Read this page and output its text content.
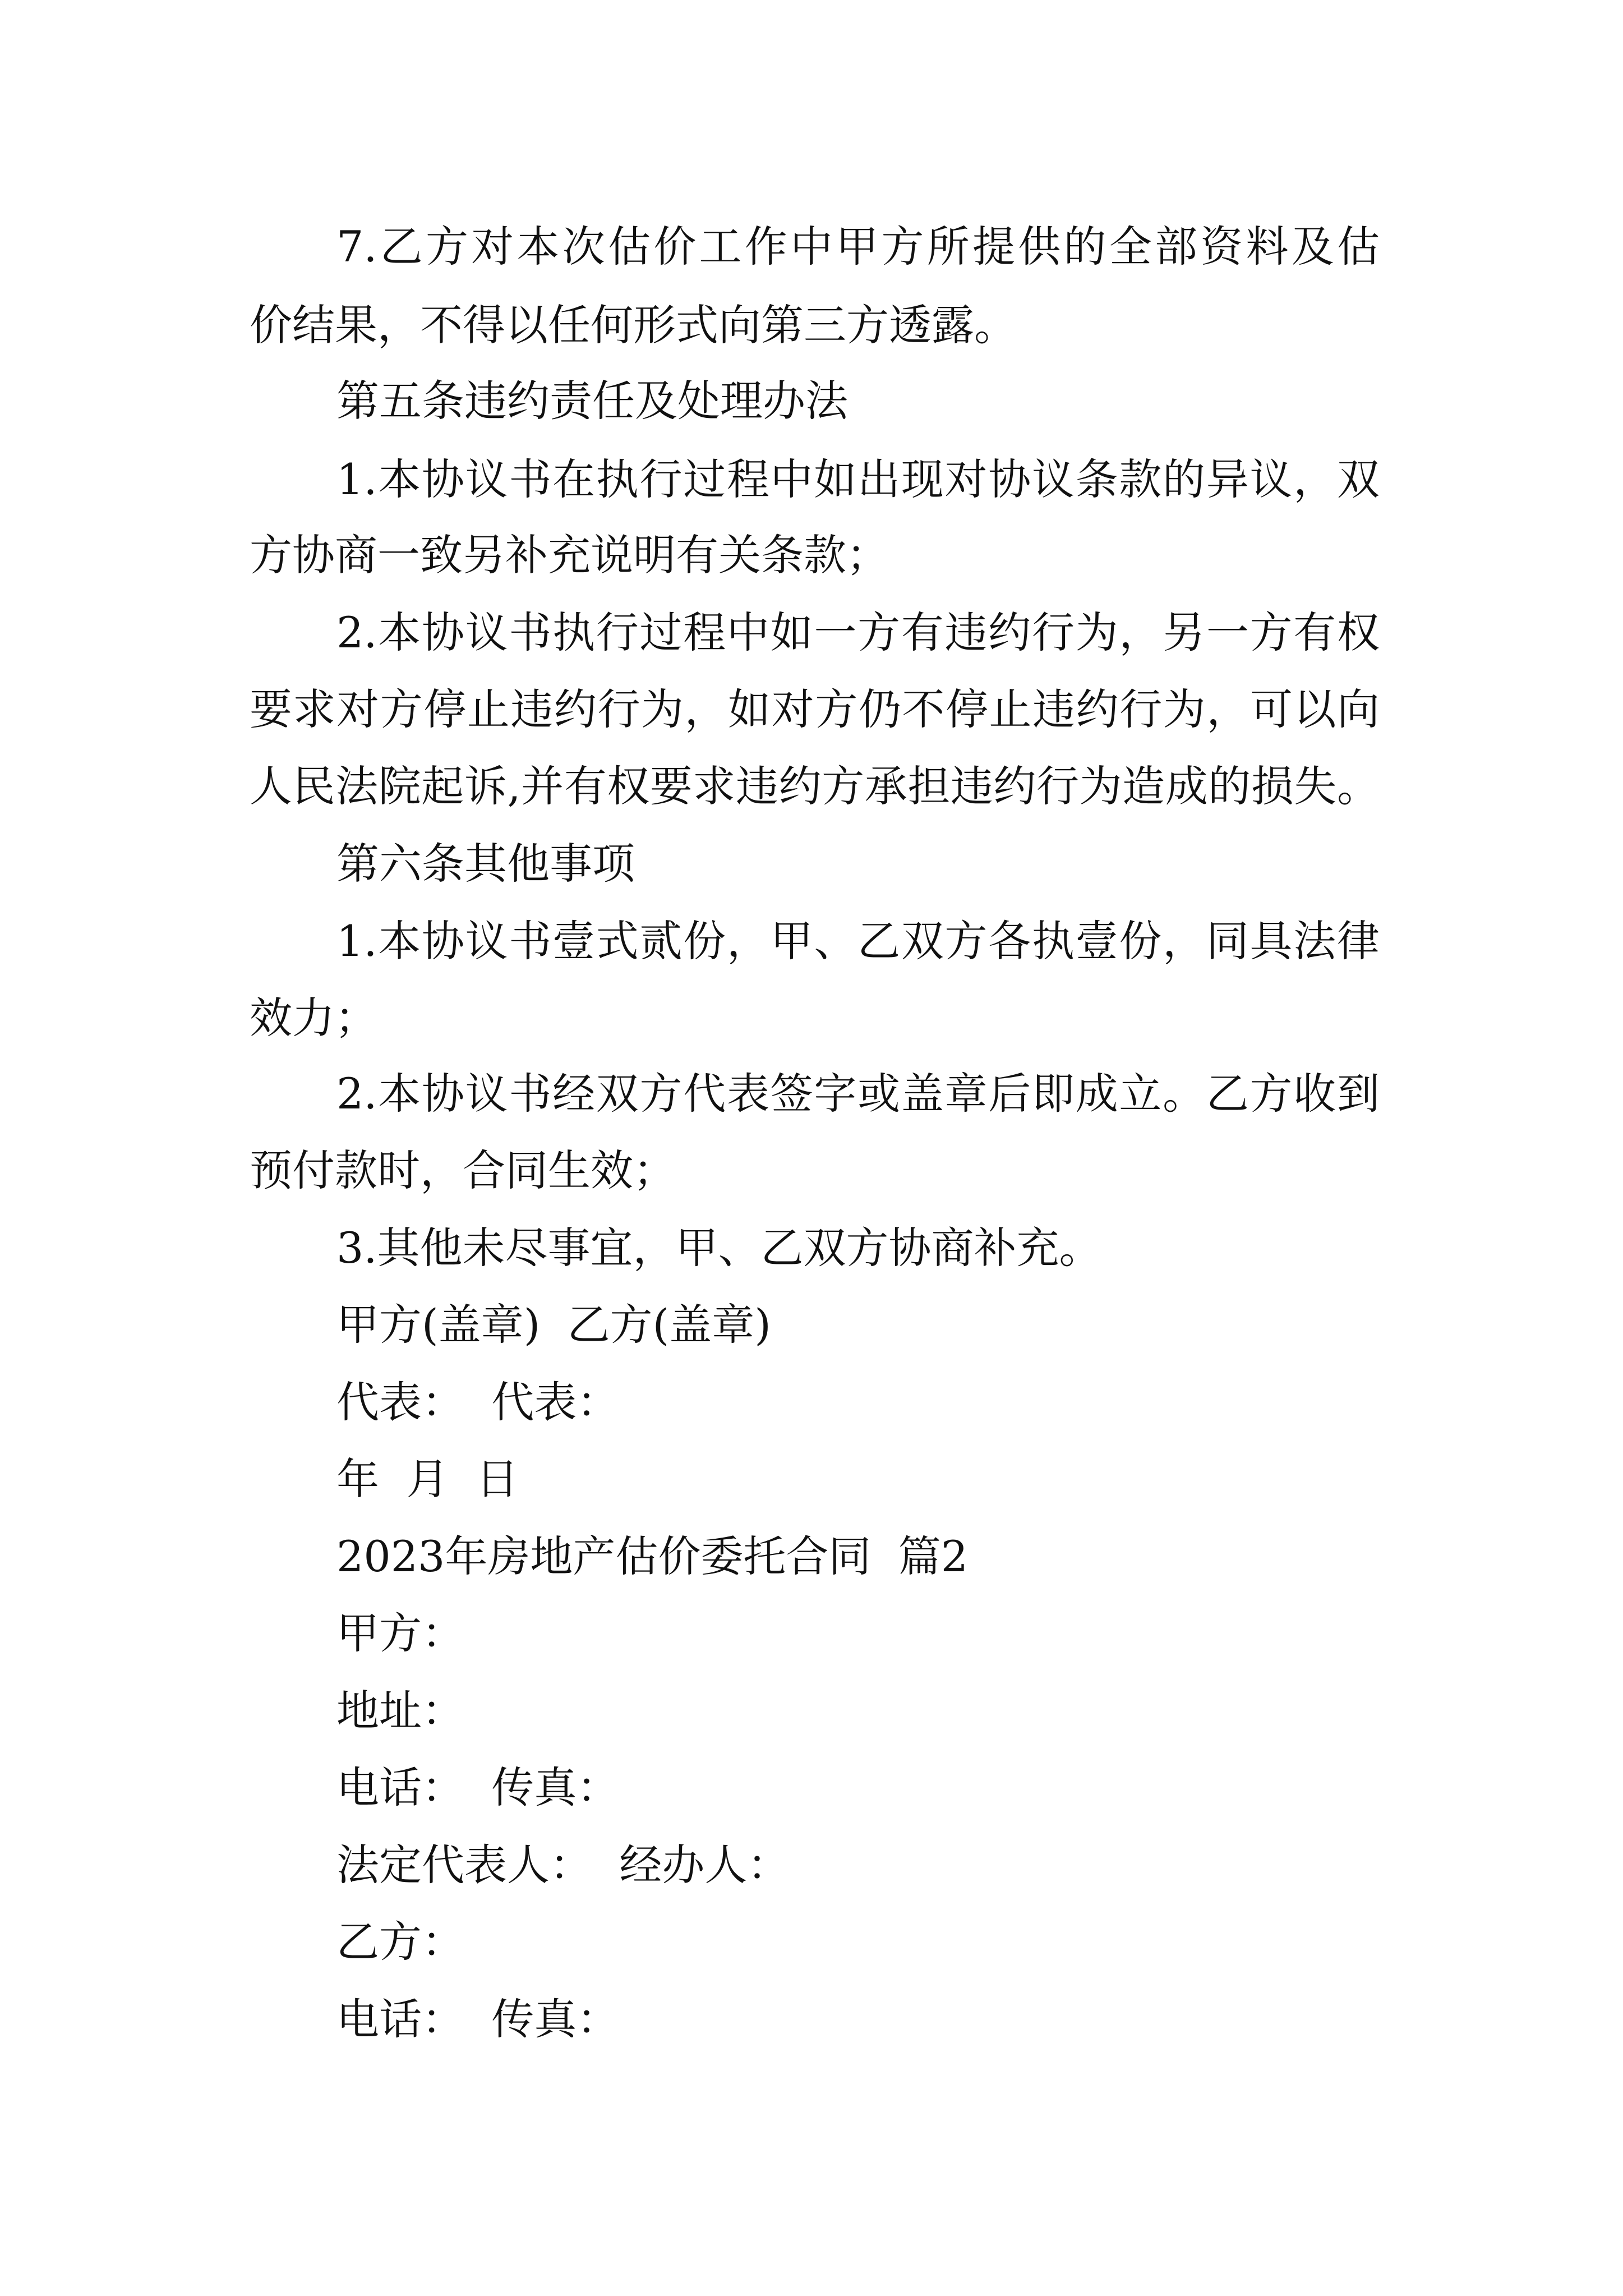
7.乙方对本次估价工作中甲方所提供的全部资料及估
价结果，不得以任何形式向第三方透露。
第五条违约责任及处理办法
1.本协议书在执行过程中如出现对协议条款的异议，双
方协商一致另补充说明有关条款；
2.本协议书执行过程中如一方有违约行为，另一方有权
要求对方停止违约行为，如对方仍不停止违约行为，可以向
人民法院起诉,并有权要求违约方承担违约行为造成的损失。
第六条其他事项
1.本协议书壹式贰份，甲、乙双方各执壹份，同具法律
效力；
2.本协议书经双方代表签字或盖章后即成立。乙方收到
预付款时，合同生效；
3.其他未尽事宜，甲、乙双方协商补充。
甲方(盖章)  乙方(盖章)
代表：  代表：
年  月  日
2023年房地产估价委托合同  篇2
甲方：
地址：
电话：  传真：
法定代表人：  经办人：
乙方：
电话：  传真：
